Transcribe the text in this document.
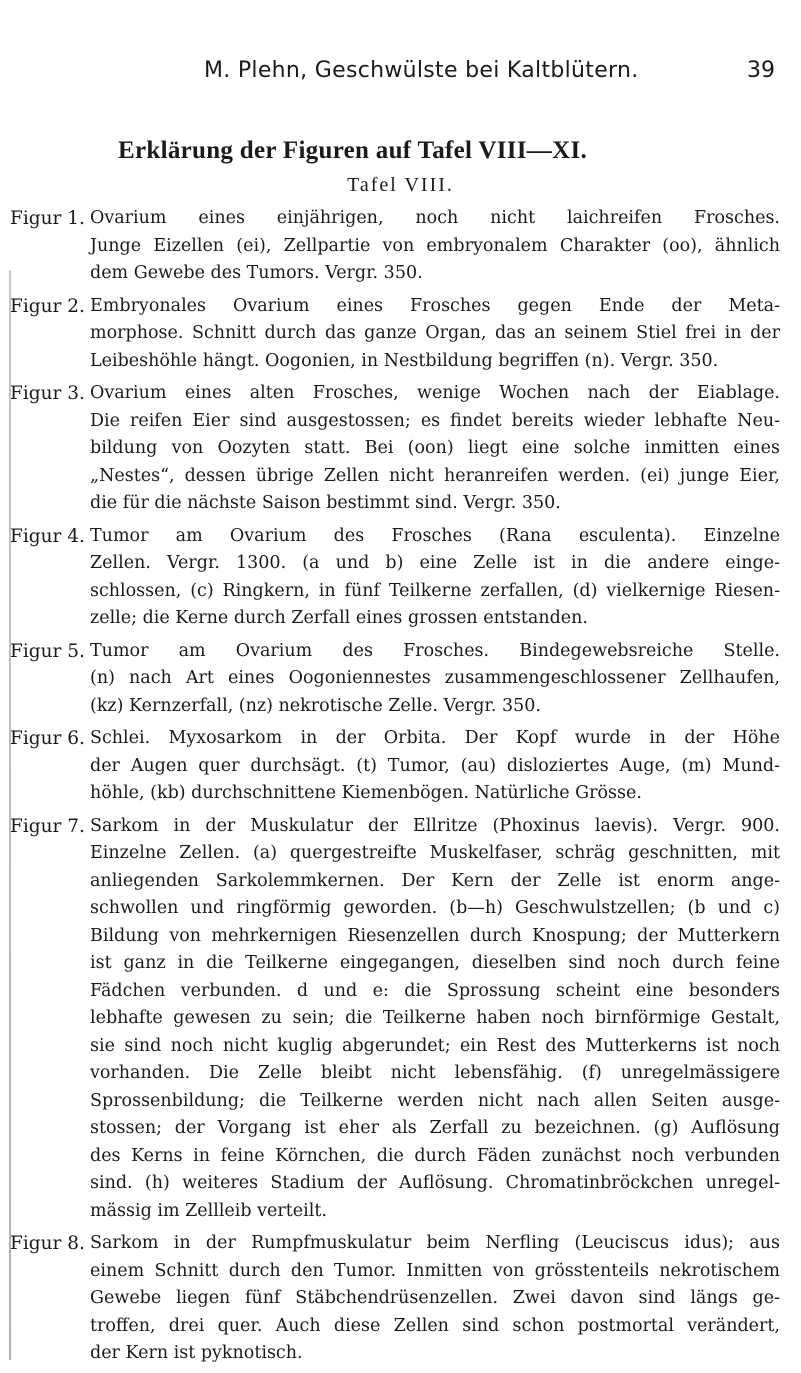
M. Plehn, Geschwülste bei Kaltblütern.	39
Erklärung der Figuren auf Tafel VIII—XI.
Tafel VIII.
Figur 1. Ovarium eines einjährigen, noch nicht laichreifen Frosches.
Junge Eizellen (ei), Zellpartie von embryonalem Charakter (oo), ähnlich
dem Gewebe des Tumors. Vergr. 350.
Figur 2. Embryonales Ovarium eines Frosches gegen Ende der Meta-
morphose. Schnitt durch das ganze Organ, das an seinem Stiel frei in der
Leibeshöhle hängt. Oogonien, in Nestbildung begriffen (n). Vergr. 350.
Figur 3. Ovarium eines alten Frosches, wenige Wochen nach der Eiablage.
Die reifen Eier sind ausgestossen; es findet bereits wieder lebhafte Neu-
bildung von Oozyten statt. Bei (oon) liegt eine solche inmitten eines
„Nestes“, dessen übrige Zellen nicht heranreifen werden. (ei) junge Eier,
die für die nächste Saison bestimmt sind. Vergr. 350.
Figur 4. Tumor am Ovarium des Frosches (Rana esculenta). Einzelne
Zellen. Vergr. 1300. (a und b) eine Zelle ist in die andere einge-
schlossen, (c) Ringkern, in fünf Teilkerne zerfallen, (d) vielkernige Riesen-
zelle; die Kerne durch Zerfall eines grossen entstanden.
Figur 5. Tumor am Ovarium des Frosches. Bindegewebsreiche Stelle.
(n) nach Art eines Oogoniennestes zusammengeschlossener Zellhaufen,
(kz) Kernzerfall, (nz) nekrotische Zelle. Vergr. 350.
Figur 6. Schlei. Myxosarkom in der Orbita. Der Kopf wurde in der Höhe
der Augen quer durchsägt. (t) Tumor, (au) disloziertes Auge, (m) Mund-
höhle, (kb) durchschnittene Kiemenbögen. Natürliche Grösse.
Figur 7. Sarkom in der Muskulatur der Ellritze (Phoxinus laevis). Vergr. 900.
Einzelne Zellen. (a) quergestreifte Muskelfaser, schräg geschnitten, mit
anliegenden Sarkolemmkernen. Der Kern der Zelle ist enorm ange-
schwollen und ringförmig geworden. (b—h) Geschwulstzellen; (b und c)
Bildung von mehrkernigen Riesenzellen durch Knospung; der Mutterkern
ist ganz in die Teilkerne eingegangen, dieselben sind noch durch feine
Fädchen verbunden. d und e: die Sprossung scheint eine besonders
lebhafte gewesen zu sein; die Teilkerne haben noch birnförmige Gestalt,
sie sind noch nicht kuglig abgerundet; ein Rest des Mutterkerns ist noch
vorhanden. Die Zelle bleibt nicht lebensfähig. (f) unregelmässigere
Sprossenbildung; die Teilkerne werden nicht nach allen Seiten ausge-
stossen; der Vorgang ist eher als Zerfall zu bezeichnen. (g) Auflösung
des Kerns in feine Körnchen, die durch Fäden zunächst noch verbunden
sind. (h) weiteres Stadium der Auflösung. Chromatinbröckchen unregel-
mässig im Zellleib verteilt.
Figur 8. Sarkom in der Rumpfmuskulatur beim Nerfling (Leuciscus idus); aus
einem Schnitt durch den Tumor. Inmitten von grösstenteils nekrotischem
Gewebe liegen fünf Stäbchendrüsenzellen. Zwei davon sind längs ge-
troffen, drei quer. Auch diese Zellen sind schon postmortal verändert,
der Kern ist pyknotisch.
